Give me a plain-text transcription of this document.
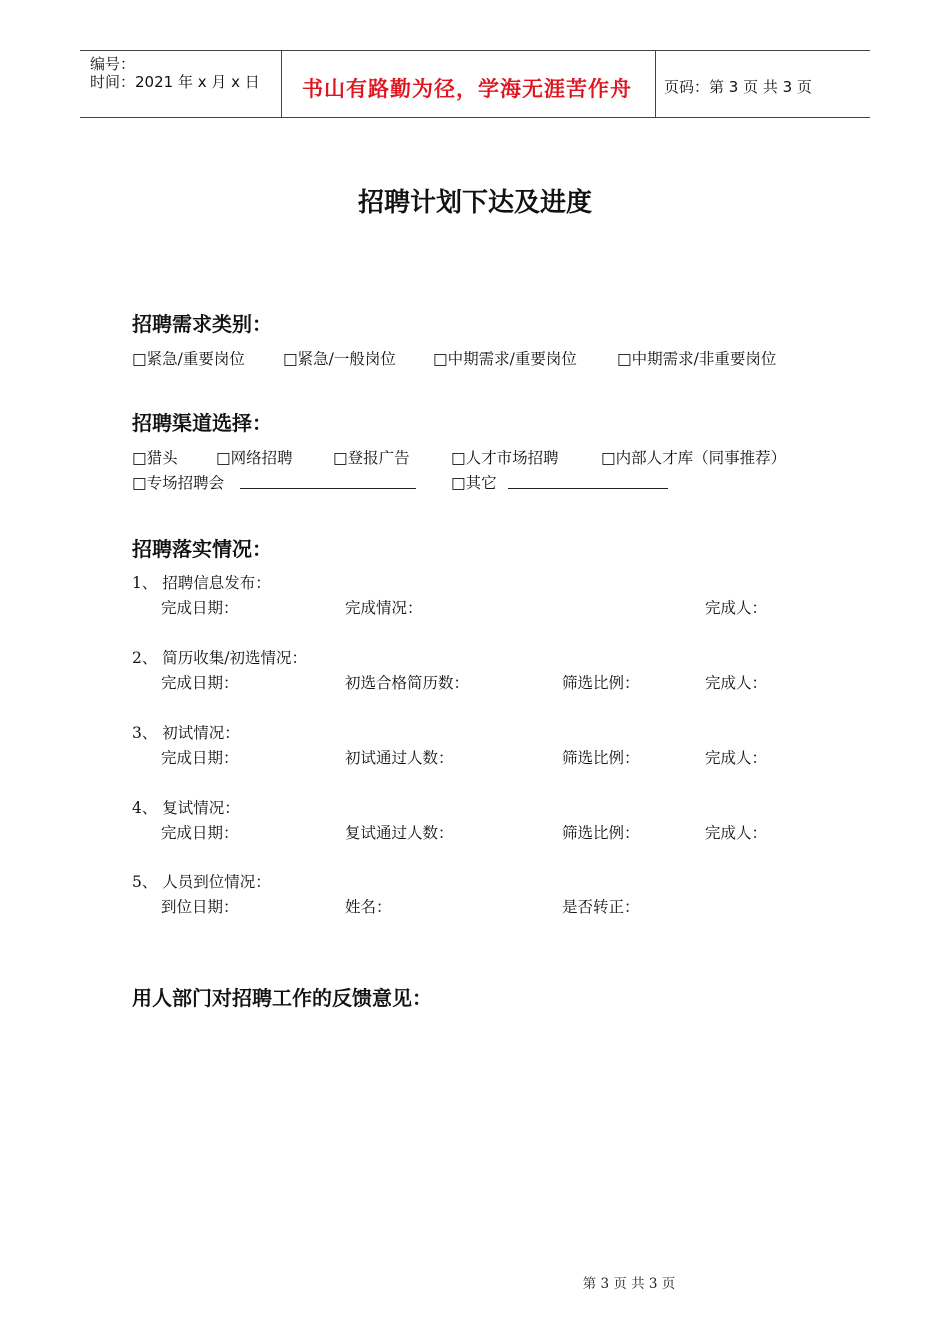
编号：
时间：2021 年 x 月 x 日 书山有路勤为径，学海无涯苦作舟 页码：第 3 页 共 3 页
招聘计划下达及进度
招聘需求类别：
□紧急/重要岗位 □紧急/一般岗位 □中期需求/重要岗位	□中期需求/非重要岗位
招聘渠道选择：
□猎头 □网络招聘	□登报广告	□人才市场招聘	□内部人才库（同事推荐）
□专场招聘会	□其它
招聘落实情况：
1、 招聘信息发布：
完成日期：	完成情况：	完成人：
2、 简历收集/初选情况：
完成日期：	初选合格简历数：	筛选比例：	完成人：
3、 初试情况：
完成日期：	初试通过人数：	筛选比例：	完成人：
4、 复试情况：
完成日期：	复试通过人数：	筛选比例：	完成人：
5、 人员到位情况：
到位日期：	姓名：	是否转正：
用人部门对招聘工作的反馈意见：
第 3 页 共 3 页
